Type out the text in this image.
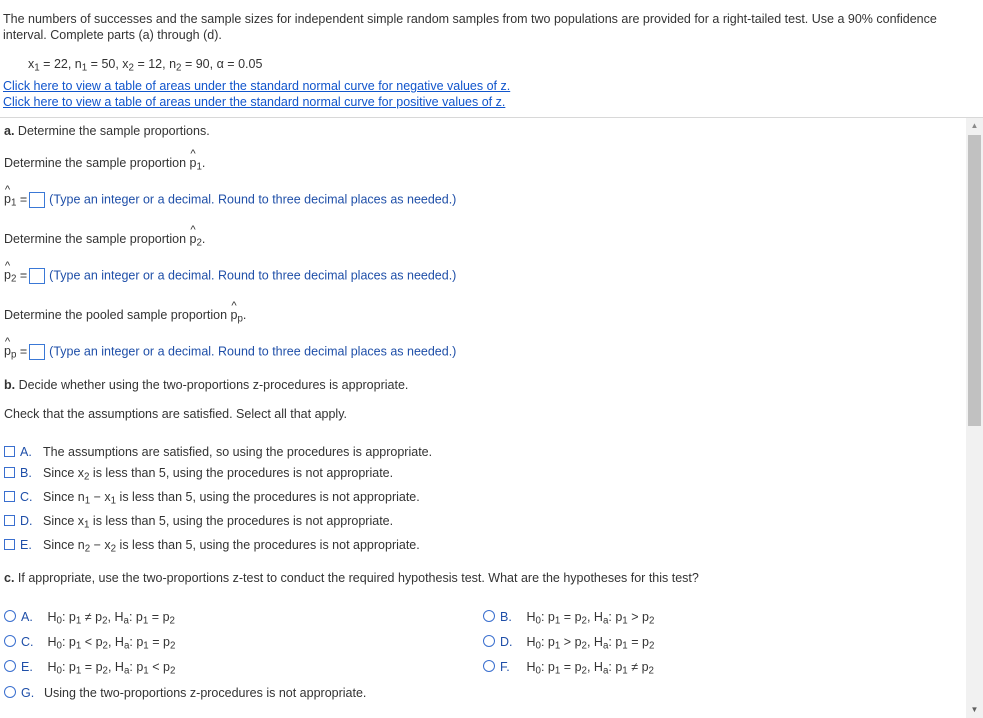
The numbers of successes and the sample sizes for independent simple random samples from two populations are provided for a right-tailed test. Use a 90% confidence interval. Complete parts (a) through (d).
$x_1 = 22$, $n_1 = 50$, $x_2 = 12$, $n_2 = 90$, α = 0.05
Click here to view a table of areas under the standard normal curve for negative values of z.
Click here to view a table of areas under the standard normal curve for positive values of z.
a. Determine the sample proportions.
Determine the sample proportion ^ $p_1$.
^ $p_1$ = (Type an integer or a decimal. Round to three decimal places as needed.)
Determine the sample proportion ^ $p_2$.
^ $p_2$ = (Type an integer or a decimal. Round to three decimal places as needed.)
Determine the pooled sample proportion ^ $p_p$.
^ $p_p$ = (Type an integer or a decimal. Round to three decimal places as needed.)
b. Decide whether using the two-proportions z-procedures is appropriate.
Check that the assumptions are satisfied. Select all that apply.
A. The assumptions are satisfied, so using the procedures is appropriate.
B. Since $x_2$ is less than 5, using the procedures is not appropriate.
C. Since $n_1 - x_1$ is less than 5, using the procedures is not appropriate.
D. Since $x_1$ is less than 5, using the procedures is not appropriate.
E. Since $n_2 - x_2$ is less than 5, using the procedures is not appropriate.
c. If appropriate, use the two-proportions z-test to conduct the required hypothesis test. What are the hypotheses for this test?
A. $H_0$: $p_1 \ne p_2$, $H_a$: $p_1 = p_2$	B. $H_0$: $p_1 = p_2$, $H_a$: $p_1 > p_2$
C. $H_0$: $p_1 < p_2$, $H_a$: $p_1 = p_2$	D. $H_0$: $p_1 > p_2$, $H_a$: $p_1 = p_2$
E. $H_0$: $p_1 = p_2$, $H_a$: $p_1 < p_2$	F. $H_0$: $p_1 = p_2$, $H_a$: $p_1 \ne p_2$
G. Using the two-proportions z-procedures is not appropriate.
▲
▼
